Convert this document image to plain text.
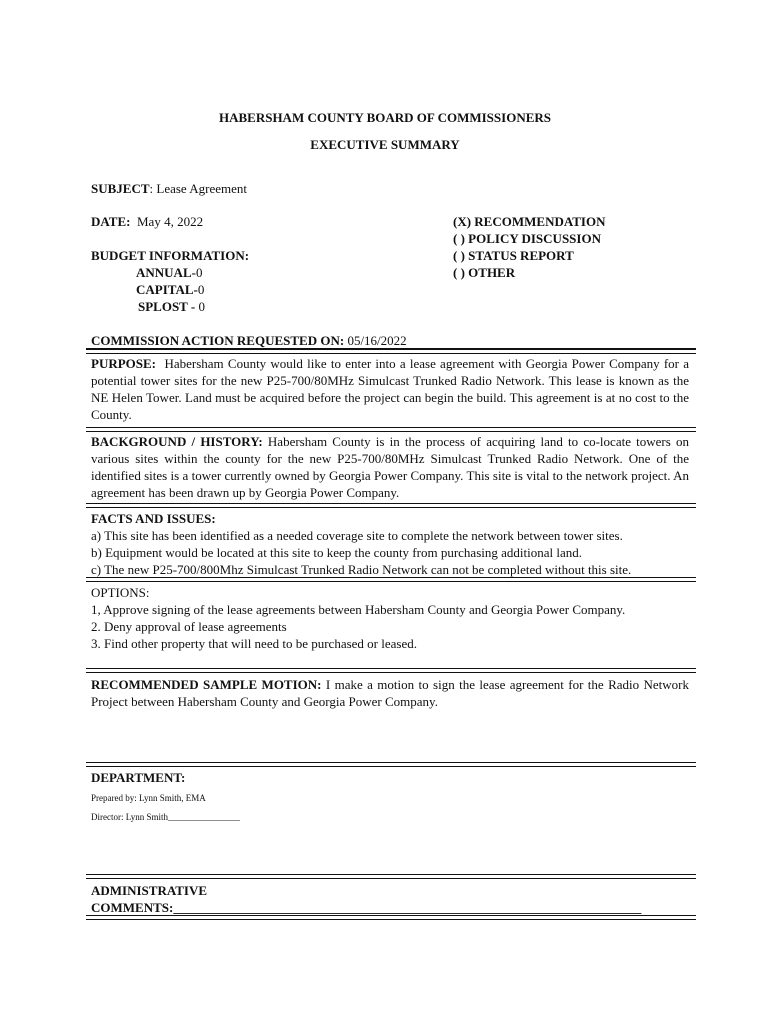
HABERSHAM COUNTY BOARD OF COMMISSIONERS
EXECUTIVE SUMMARY
SUBJECT: Lease Agreement
DATE: May 4, 2022
BUDGET INFORMATION:
ANNUAL-0
CAPITAL-0
SPLOST - 0
(X) RECOMMENDATION
( ) POLICY DISCUSSION
( ) STATUS REPORT
( ) OTHER
COMMISSION ACTION REQUESTED ON: 05/16/2022
PURPOSE: Habersham County would like to enter into a lease agreement with Georgia Power Company for a potential tower sites for the new P25-700/80MHz Simulcast Trunked Radio Network. This lease is known as the NE Helen Tower. Land must be acquired before the project can begin the build. This agreement is at no cost to the County.
BACKGROUND / HISTORY: Habersham County is in the process of acquiring land to co-locate towers on various sites within the county for the new P25-700/80MHz Simulcast Trunked Radio Network. One of the identified sites is a tower currently owned by Georgia Power Company. This site is vital to the network project. An agreement has been drawn up by Georgia Power Company.
FACTS AND ISSUES:
a) This site has been identified as a needed coverage site to complete the network between tower sites.
b) Equipment would be located at this site to keep the county from purchasing additional land.
c) The new P25-700/800Mhz Simulcast Trunked Radio Network can not be completed without this site.
OPTIONS:
1, Approve signing of the lease agreements between Habersham County and Georgia Power Company.
2. Deny approval of lease agreements
3. Find other property that will need to be purchased or leased.
RECOMMENDED SAMPLE MOTION: I make a motion to sign the lease agreement for the Radio Network Project between Habersham County and Georgia Power Company.
DEPARTMENT:
Prepared by: Lynn Smith, EMA
Director: Lynn Smith________________
ADMINISTRATIVE
COMMENTS:________________________________________________________________________
